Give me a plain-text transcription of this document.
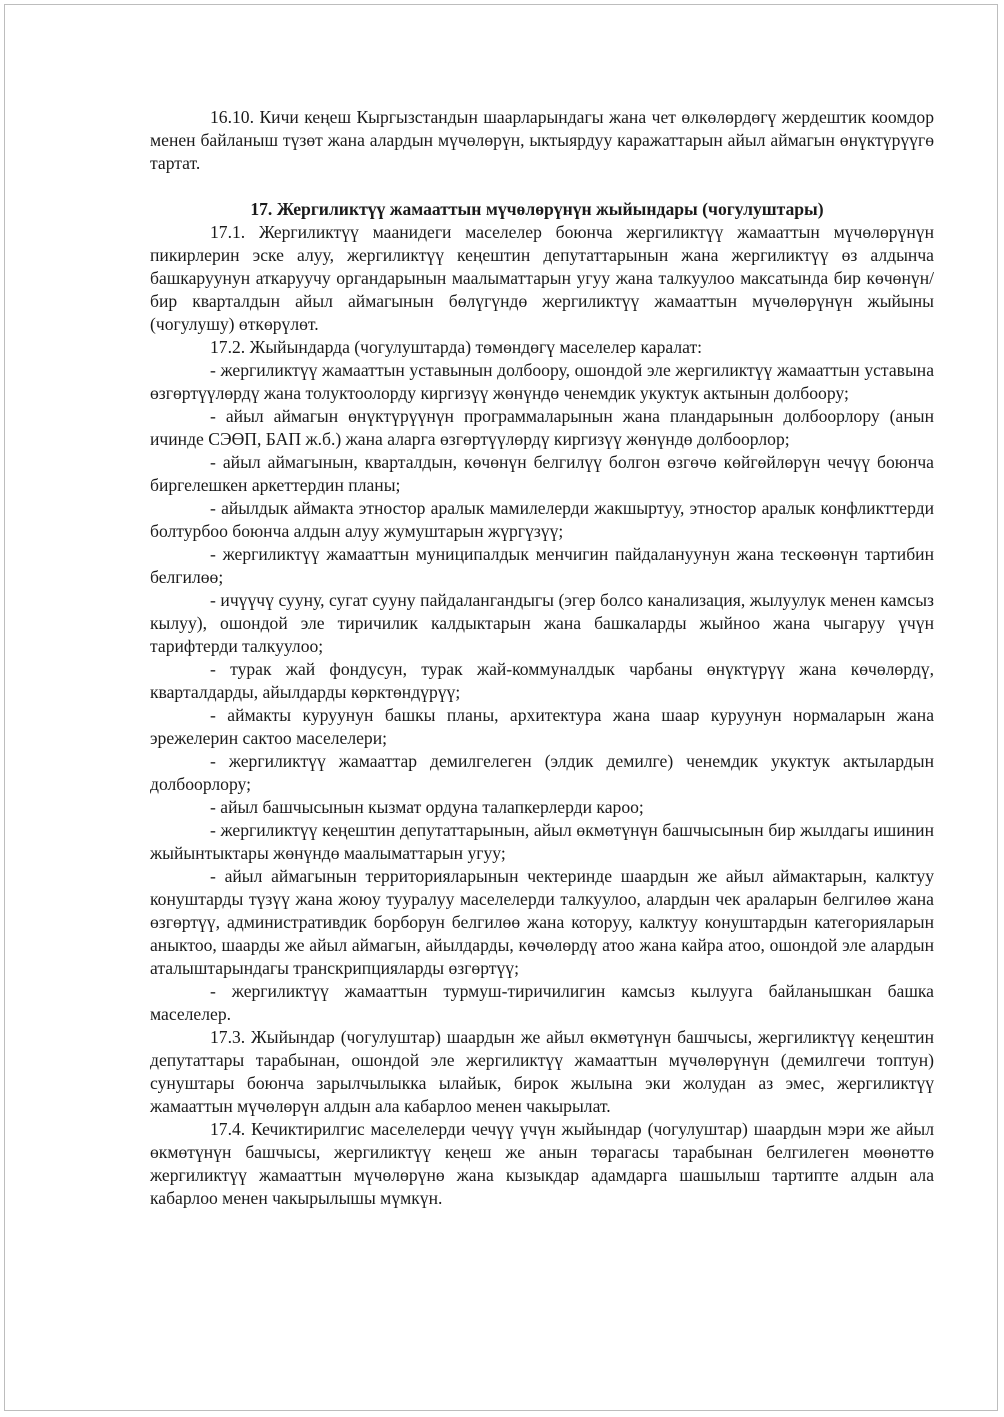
16.10. Кичи кеңеш Кыргызстандын шаарларындагы жана чет өлкөлөрдөгү жердештик коомдор менен байланыш түзөт жана алардын мүчөлөрүн, ыктыярдуу каражаттарын айыл аймагын өнүктүрүүгө тартат.

17. Жергиликтүү жамааттын мүчөлөрүнүн жыйындары (чогулуштары)

17.1. Жергиликтүү маанидеги маселелер боюнча жергиликтүү жамааттын мүчөлөрүнүн пикирлерин эске алуу, жергиликтүү кеңештин депутаттарынын жана жергиликтүү өз алдынча башкаруунун аткаруучу органдарынын маалыматтарын угуу жана талкуулоо максатында бир көчөнүн/бир кварталдын айыл аймагынын бөлүгүндө жергиликтүү жамааттын мүчөлөрүнүн жыйыны (чогулушу) өткөрүлөт.

17.2. Жыйындарда (чогулуштарда) төмөндөгү маселелер каралат:

- жергиликтүү жамааттын уставынын долбоору, ошондой эле жергиликтүү жамааттын уставына өзгөртүүлөрдү жана толуктоолорду киргизүү жөнүндө ченемдик укуктук актынын долбоору;

- айыл аймагын өнүктүрүүнүн программаларынын жана пландарынын долбоорлору (анын ичинде СЭӨП, БАП ж.б.) жана аларга өзгөртүүлөрдү киргизүү жөнүндө долбоорлор;

- айыл аймагынын, кварталдын, көчөнүн белгилүү болгон өзгөчө көйгөйлөрүн чечүү боюнча биргелешкен аркеттердин планы;

- айылдык аймакта этностор аралык мамилелерди жакшыртуу, этностор аралык конфликттерди болтурбоо боюнча алдын алуу жумуштарын жүргүзүү;

- жергиликтүү жамааттын муниципалдык менчигин пайдалануунун жана тескөөнүн тартибин белгилөө;

- ичүүчү сууну, сугат сууну пайдалангандыгы (эгер болсо канализация, жылуулук менен камсыз кылуу), ошондой эле тиричилик калдыктарын жана башкаларды жыйноо жана чыгаруу үчүн тарифтерди талкуулоо;

- турак жай фондусун, турак жай-коммуналдык чарбаны өнүктүрүү жана көчөлөрдү, кварталдарды, айылдарды көрктөндүрүү;

- аймакты куруунун башкы планы, архитектура жана шаар куруунун нормаларын жана эрежелерин сактоо маселелери;

- жергиликтүү жамааттар демилгелеген (элдик демилге) ченемдик укуктук актылардын долбоорлору;

- айыл башчысынын кызмат ордуна талапкерлерди кароо;

- жергиликтүү кеңештин депутаттарынын, айыл өкмөтүнүн башчысынын бир жылдагы ишинин жыйынтыктары жөнүндө маалыматтарын угуу;

- айыл аймагынын территорияларынын чектеринде шаардын же айыл аймактарын, калктуу конуштарды түзүү жана жоюу тууралуу маселелерди талкуулоо, алардын чек араларын белгилөө жана өзгөртүү, административдик борборун белгилөө жана которуу, калктуу конуштардын категорияларын аныктоо, шаарды же айыл аймагын, айылдарды, көчөлөрдү атоо жана кайра атоо, ошондой эле алардын аталыштарындагы транскрипцияларды өзгөртүү;

- жергиликтүү жамааттын турмуш-тиричилигин камсыз кылууга байланышкан башка маселелер.

17.3. Жыйындар (чогулуштар) шаардын же айыл өкмөтүнүн башчысы, жергиликтүү кеңештин депутаттары тарабынан, ошондой эле жергиликтүү жамааттын мүчөлөрүнүн (демилгечи топтун) сунуштары боюнча зарылчылыкка ылайык, бирок жылына эки жолудан аз эмес, жергиликтүү жамааттын мүчөлөрүн алдын ала кабарлоо менен чакырылат.

17.4. Кечиктирилгис маселелерди чечүү үчүн жыйындар (чогулуштар) шаардын мэри же айыл өкмөтүнүн башчысы, жергиликтүү кеңеш же анын төрагасы тарабынан белгилеген мөөнөттө жергиликтүү жамааттын мүчөлөрүнө жана кызыкдар адамдарга шашылыш тартипте алдын ала кабарлоо менен чакырылышы мүмкүн.
